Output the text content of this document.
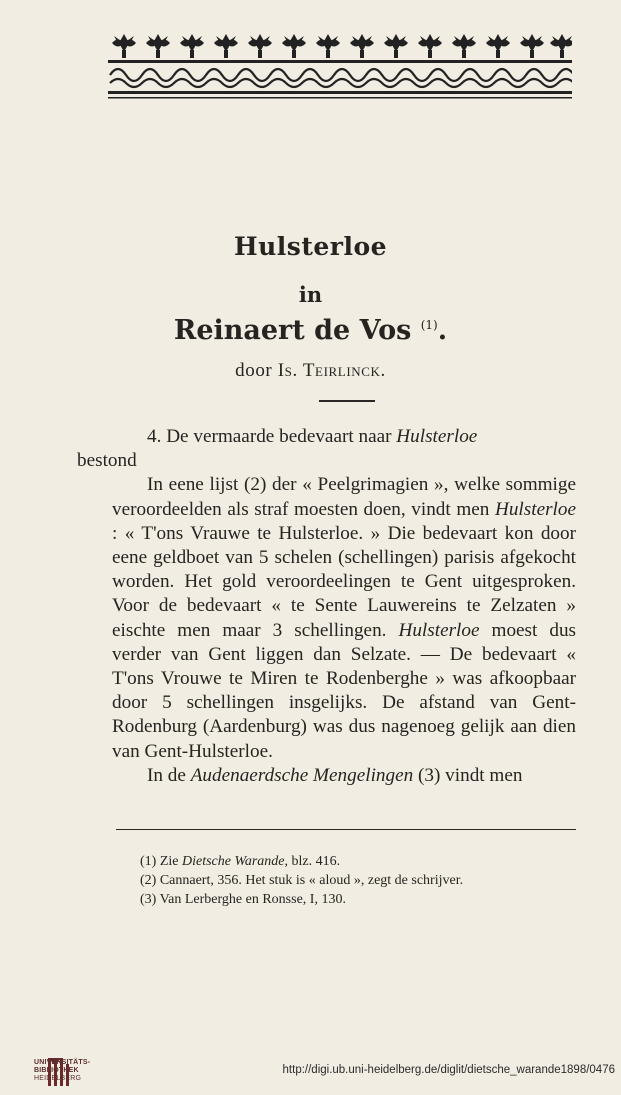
Hulsterloe
in
Reinaert de Vos $^{(1)}$.
door Is. Teirlinck.

4. De vermaarde bedevaart naar Hulsterloe
bestond

In eene lijst (2) der « Peelgrimagien », welke sommige veroordeelden als straf moesten doen, vindt men Hulsterloe : « T'ons Vrauwe te Hulsterloe. » Die bedevaart kon door eene geldboet van 5 schelen (schellingen) parisis afgekocht worden. Het gold veroordeelingen te Gent uitgesproken. Voor de bedevaart « te Sente Lauwereins te Zelzaten » eischte men maar 3 schellingen. Hulsterloe moest dus verder van Gent liggen dan Selzate. — De bedevaart « T'ons Vrouwe te Miren te Rodenberghe » was afkoopbaar door 5 schellingen insgelijks. De afstand van Gent-Rodenburg (Aardenburg) was dus nagenoeg gelijk aan dien van Gent-Hulsterloe.

In de Audenaerdsche Mengelingen (3) vindt men

(1) Zie Dietsche Warande, blz. 416.
(2) Cannaert, 356. Het stuk is « aloud », zegt de schrijver.
(3) Van Lerberghe en Ronsse, I, 130.
UNIVERSITÄTS-
BIBLIOTHEK
HEIDELBERG
http://digi.ub.uni-heidelberg.de/diglit/dietsche_warande1898/0476
